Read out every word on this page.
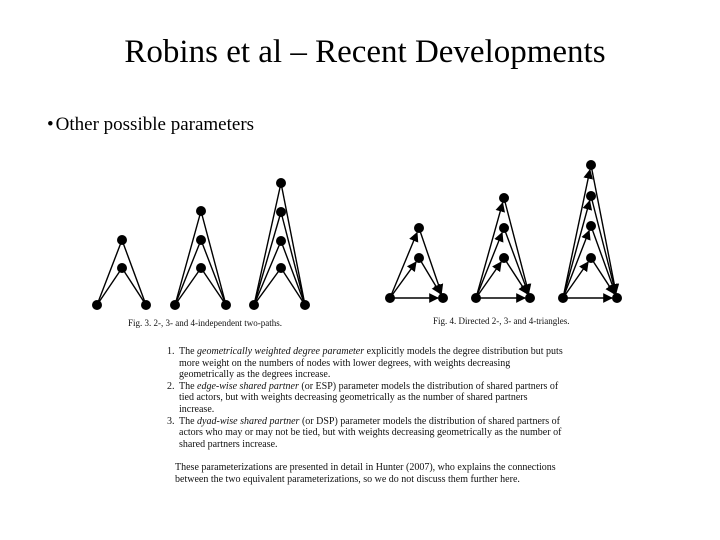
Robins et al – Recent Developments
• Other possible parameters
Fig. 3. 2-, 3- and 4-independent two-paths.	Fig. 4. Directed 2-, 3- and 4-triangles.
1. The geometrically weighted degree parameter explicitly models the degree distribution but puts more weight on the numbers of nodes with lower degrees, with weights decreasing geometrically as the degrees increase.
2. The edge-wise shared partner (or ESP) parameter models the distribution of shared partners of tied actors, but with weights decreasing geometrically as the number of shared partners increase.
3. The dyad-wise shared partner (or DSP) parameter models the distribution of shared partners of actors who may or may not be tied, but with weights decreasing geometrically as the number of shared partners increase.

These parameterizations are presented in detail in Hunter (2007), who explains the connections between the two equivalent parameterizations, so we do not discuss them further here.
